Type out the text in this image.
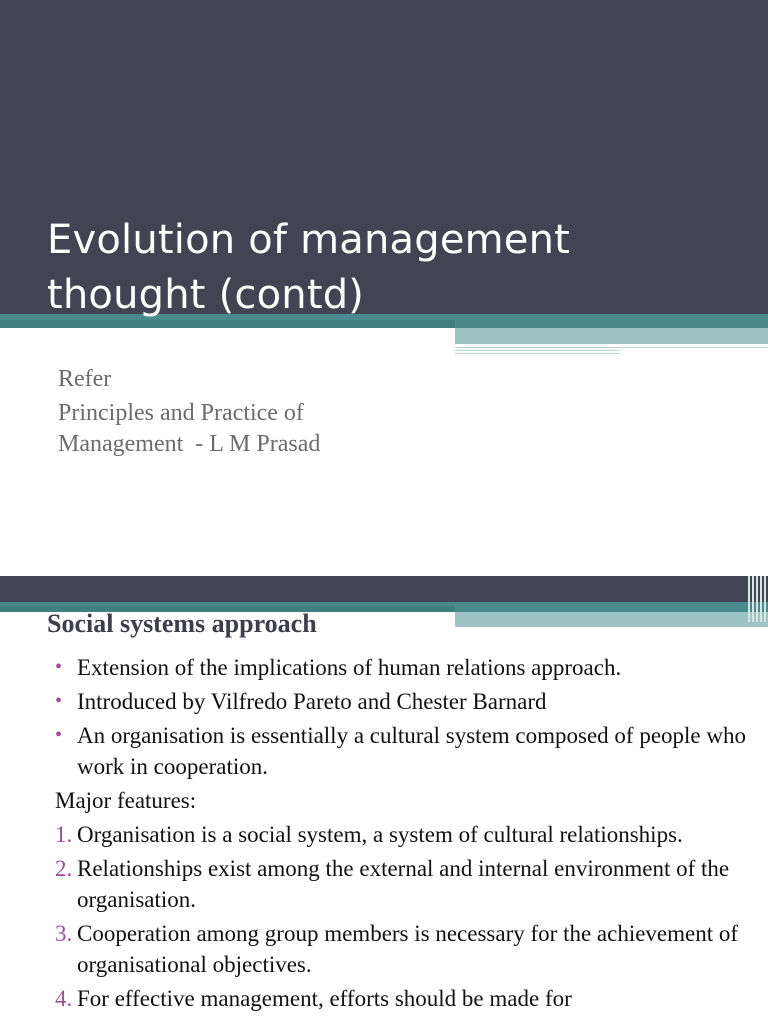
Evolution of management
thought (contd)
Refer
Principles and Practice of
Management  - L M Prasad
Social systems approach
• Extension of the implications of human relations approach.
• Introduced by Vilfredo Pareto and Chester Barnard
• An organisation is essentially a cultural system composed of people who work in cooperation.
Major features:
1. Organisation is a social system, a system of cultural relationships.
2. Relationships exist among the external and internal environment of the organisation.
3. Cooperation among group members is necessary for the achievement of organisational objectives.
4. For effective management, efforts should be made for
